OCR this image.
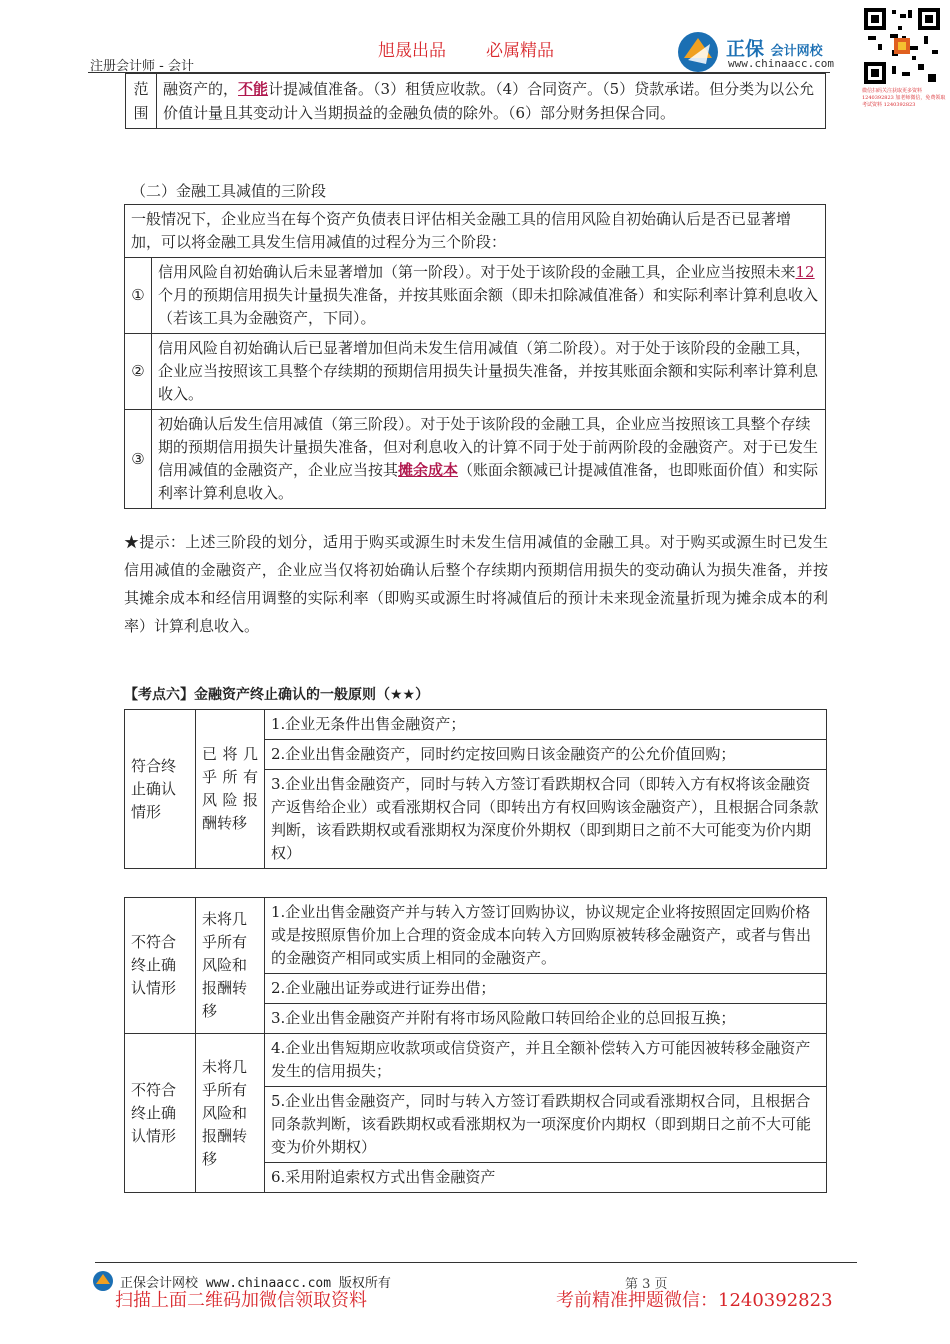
注册会计师 - 会计
旭晟出品 必属精品	正保 会计网校
www.chinaacc.com
微信扫码关注获取更多资料 1240392823 加老师微信，免费领取考试资料 1240392823
范围	融资产的，不能计提减值准备。（3）租赁应收款。（4）合同资产。（5）贷款承诺。但分类为以公允价值计量且其变动计入当期损益的金融负债的除外。（6）部分财务担保合同。
（二）金融工具减值的三阶段
一般情况下，企业应当在每个资产负债表日评估相关金融工具的信用风险自初始确认后是否已显著增加，可以将金融工具发生信用减值的过程分为三个阶段：	
①	信用风险自初始确认后未显著增加（第一阶段）。对于处于该阶段的金融工具，企业应当按照未来12个月的预期信用损失计量损失准备，并按其账面余额（即未扣除减值准备）和实际利率计算利息收入（若该工具为金融资产，下同）。
②	信用风险自初始确认后已显著增加但尚未发生信用减值（第二阶段）。对于处于该阶段的金融工具，企业应当按照该工具整个存续期的预期信用损失计量损失准备，并按其账面余额和实际利率计算利息收入。
③	初始确认后发生信用减值（第三阶段）。对于处于该阶段的金融工具，企业应当按照该工具整个存续期的预期信用损失计量损失准备，但对利息收入的计算不同于处于前两阶段的金融资产。对于已发生信用减值的金融资产，企业应当按其摊余成本（账面余额减已计提减值准备，也即账面价值）和实际利率计算利息收入。
★提示：上述三阶段的划分，适用于购买或源生时未发生信用减值的金融工具。对于购买或源生时已发生信用减值的金融资产，企业应当仅将初始确认后整个存续期内预期信用损失的变动确认为损失准备，并按其摊余成本和经信用调整的实际利率（即购买或源生时将减值后的预计未来现金流量折现为摊余成本的利率）计算利息收入。
【考点六】金融资产终止确认的一般原则（★★）
符合终止确认情形	已将几乎所有风险报酬转移	1.企业无条件出售金融资产；
2.企业出售金融资产，同时约定按回购日该金融资产的公允价值回购；
3.企业出售金融资产，同时与转入方签订看跌期权合同（即转入方有权将该金融资产返售给企业）或看涨期权合同（即转出方有权回购该金融资产），且根据合同条款判断，该看跌期权或看涨期权为深度价外期权（即到期日之前不大可能变为价内期权）
不符合终止确认情形	未将几乎所有风险和报酬转移	1.企业出售金融资产并与转入方签订回购协议，协议规定企业将按照固定回购价格或是按照原售价加上合理的资金成本向转入方回购原被转移金融资产，或者与售出的金融资产相同或实质上相同的金融资产。
		2.企业融出证券或进行证券出借；
		3.企业出售金融资产并附有将市场风险敞口转回给企业的总回报互换；
不符合终止确认情形	未将几乎所有风险和报酬转移	4.企业出售短期应收款项或信贷资产，并且全额补偿转入方可能因被转移金融资产发生的信用损失；
		5.企业出售金融资产，同时与转入方签订看跌期权合同或看涨期权合同，且根据合同条款判断，该看跌期权或看涨期权为一项深度价内期权（即到期日之前不大可能变为价外期权）
		6.采用附追索权方式出售金融资产
正保会计网校 www.chinaacc.com 版权所有	第 3 页
扫描上面二维码加微信领取资料	考前精准押题微信：1240392823
